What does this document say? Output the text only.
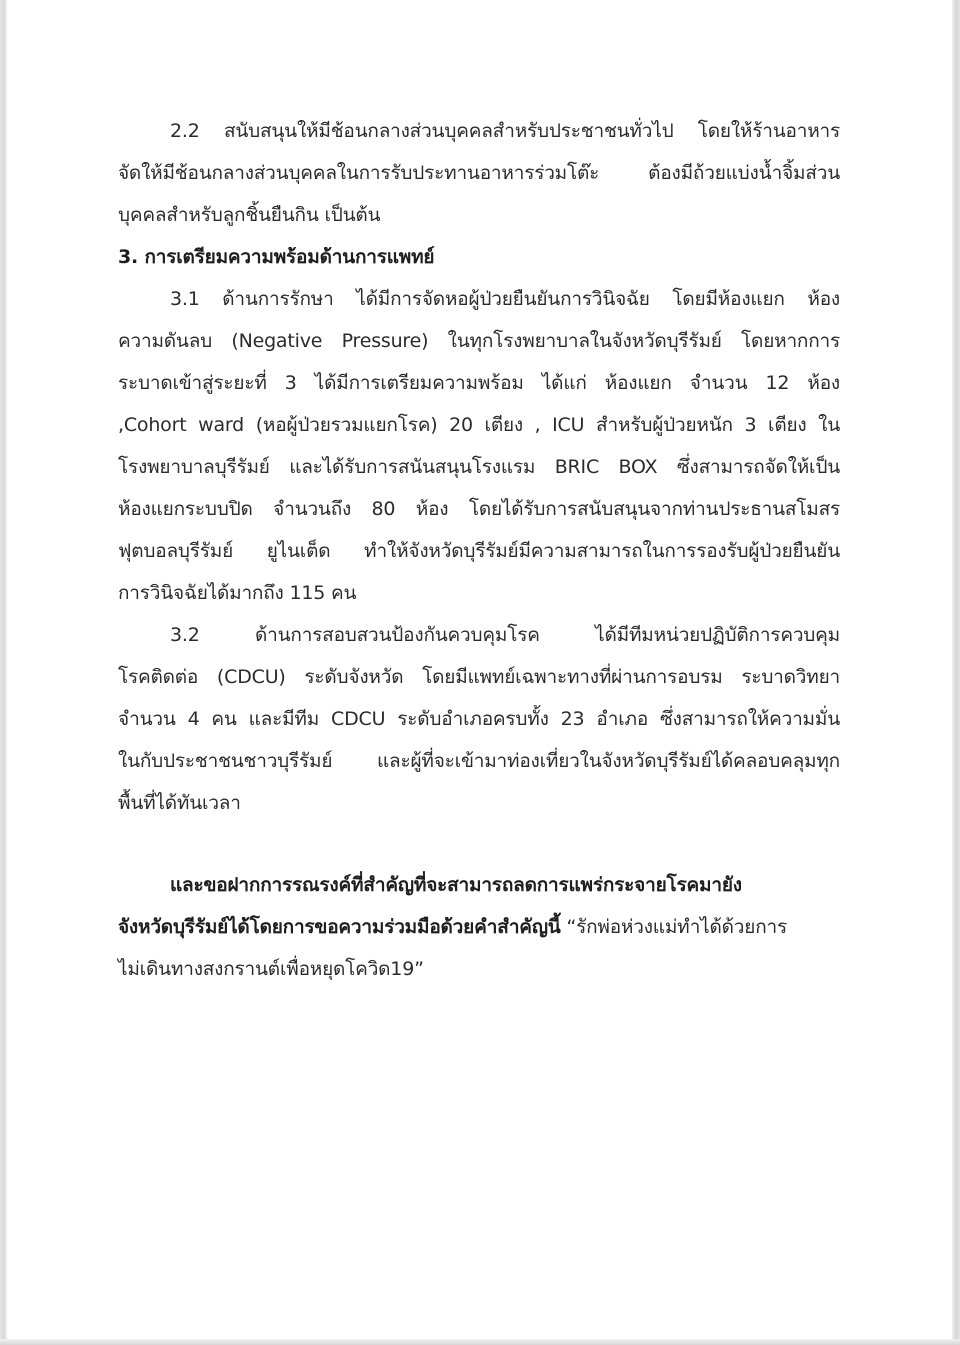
2.2 สนับสนุนให้มีช้อนกลางส่วนบุคคลสำหรับประชาชนทั่วไป โดยให้ร้านอาหาร
จัดให้มีช้อนกลางส่วนบุคคลในการรับประทานอาหารร่วมโต๊ะ ต้องมีถ้วยแบ่งน้ำจิ้มส่วน
บุคคลสำหรับลูกชิ้นยืนกิน เป็นต้น
3. การเตรียมความพร้อมด้านการแพทย์
3.1 ด้านการรักษา ได้มีการจัดหอผู้ป่วยยืนยันการวินิจฉัย โดยมีห้องแยก ห้อง
ความดันลบ (Negative Pressure) ในทุกโรงพยาบาลในจังหวัดบุรีรัมย์ โดยหากการ
ระบาดเข้าสู่ระยะที่ 3 ได้มีการเตรียมความพร้อม ได้แก่ ห้องแยก จำนวน 12 ห้อง
,Cohort ward (หอผู้ป่วยรวมแยกโรค) 20 เตียง , ICU สำหรับผู้ป่วยหนัก 3 เตียง ใน
โรงพยาบาลบุรีรัมย์ และได้รับการสนันสนุนโรงแรม BRIC BOX ซึ่งสามารถจัดให้เป็น
ห้องแยกระบบปิด จำนวนถึง 80 ห้อง โดยได้รับการสนับสนุนจากท่านประธานสโมสร
ฟุตบอลบุรีรัมย์ ยูไนเต็ด ทำให้จังหวัดบุรีรัมย์มีความสามารถในการรองรับผู้ป่วยยืนยัน
การวินิจฉัยได้มากถึง 115 คน
3.2 ด้านการสอบสวนป้องกันควบคุมโรค ได้มีทีมหน่วยปฏิบัติการควบคุม
โรคติดต่อ (CDCU) ระดับจังหวัด โดยมีแพทย์เฉพาะทางที่ผ่านการอบรม ระบาดวิทยา
จำนวน 4 คน และมีทีม CDCU ระดับอำเภอครบทั้ง 23 อำเภอ ซึ่งสามารถให้ความมั่น
ในกับประชาชนชาวบุรีรัมย์ และผู้ที่จะเข้ามาท่องเที่ยวในจังหวัดบุรีรัมย์ได้คลอบคลุมทุก
พื้นที่ได้ทันเวลา
และขอฝากการรณรงค์ที่สำคัญที่จะสามารถลดการแพร่กระจายโรคมายัง
จังหวัดบุรีรัมย์ได้โดยการขอความร่วมมือด้วยคำสำคัญนี้ “รักพ่อห่วงแม่ทำได้ด้วยการ
ไม่เดินทางสงกรานต์เพื่อหยุดโควิด19”
